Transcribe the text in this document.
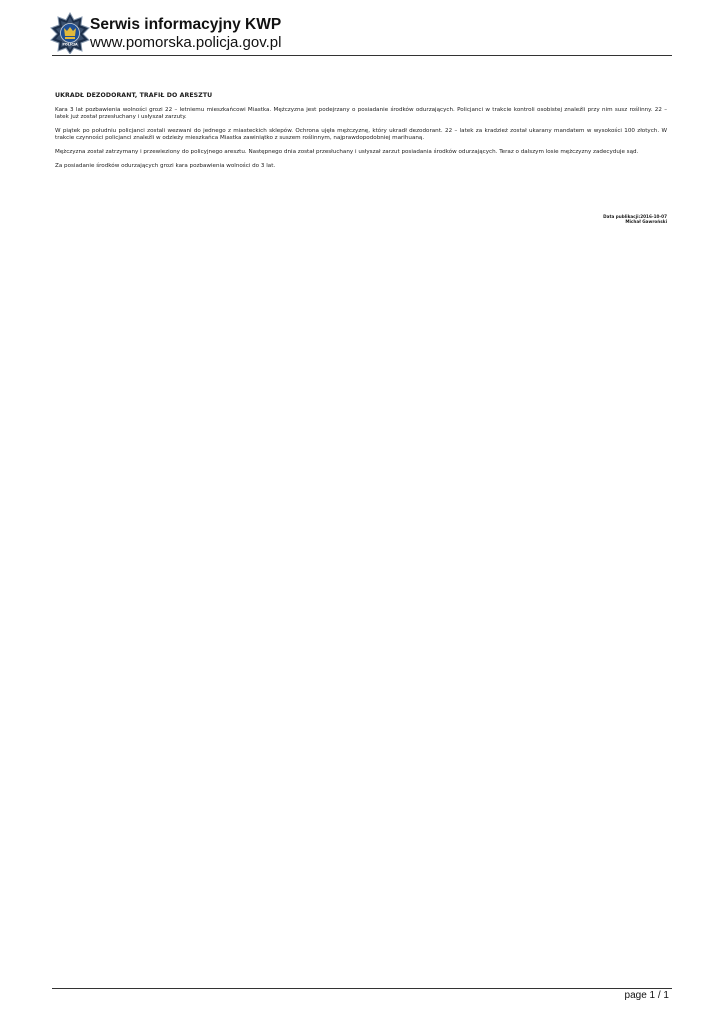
POLICJA
Serwis informacyjny KWP
www.pomorska.policja.gov.pl
UKRADŁ DEZODORANT, TRAFIŁ DO ARESZTU

Kara 3 lat pozbawienia wolności grozi 22 – letniemu mieszkańcowi Miastka. Mężczyzna jest podejrzany o posiadanie środków odurzających. Policjanci w trakcie kontroli osobistej znaleźli przy nim susz roślinny. 22 – latek już został przesłuchany i usłyszał zarzuty.

W piątek po południu policjanci zostali wezwani do jednego z miasteckich sklepów. Ochrona ujęła mężczyznę, który ukradł dezodorant. 22 – latek za kradzież został ukarany mandatem w wysokości 100 złotych. W trakcie czynności policjanci znaleźli w odzieży mieszkańca Miastka zawiniątko z suszem roślinnym, najprawdopodobniej marihuaną.

Mężczyzna został zatrzymany i przewieziony do policyjnego aresztu. Następnego dnia został przesłuchany i usłyszał zarzut posiadania środków odurzających. Teraz o dalszym losie mężczyzny zadecyduje sąd.

Za posiadanie środków odurzających grozi kara pozbawienia wolności do 3 lat.

Data publikacji:2016-10-07
Michał Gawroński
page 1 / 1
